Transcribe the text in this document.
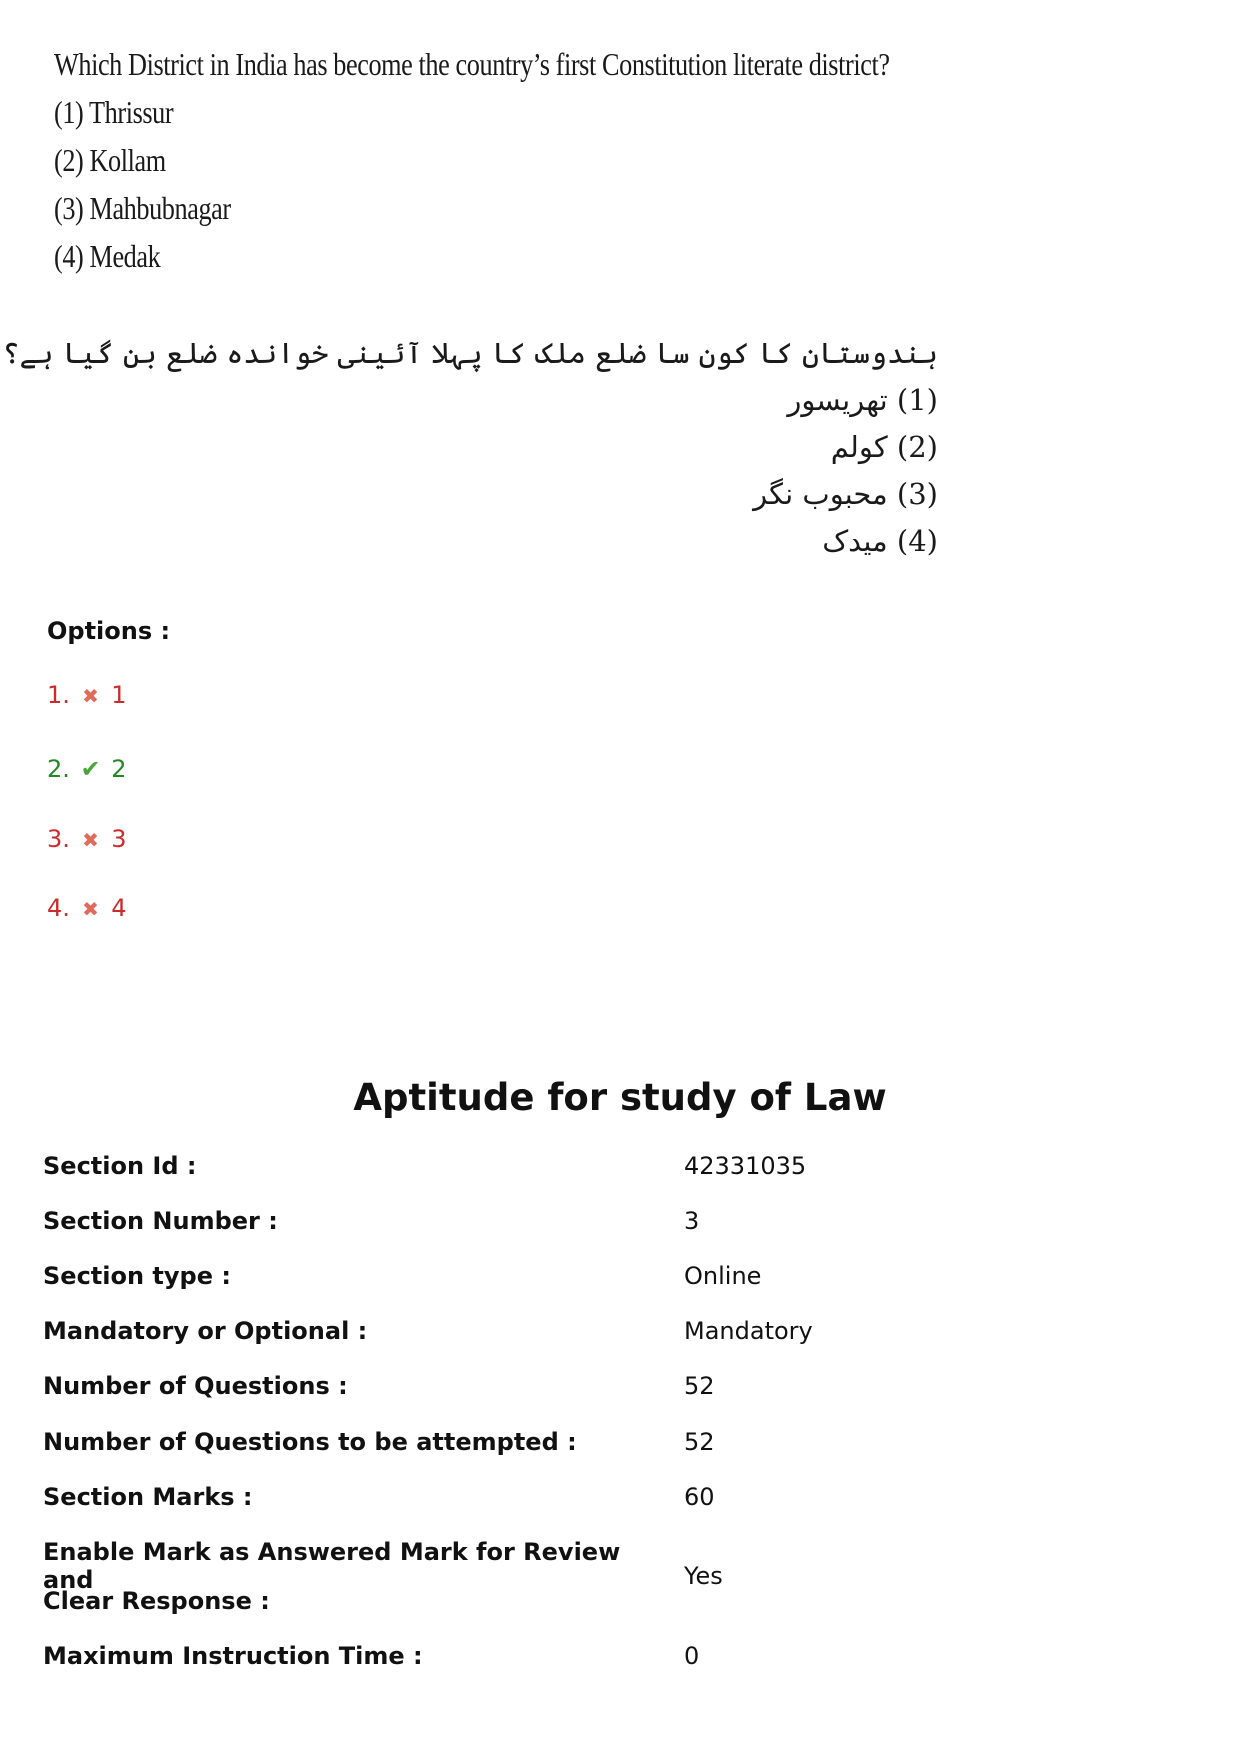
Which District in India has become the country’s first Constitution literate district?
(1) Thrissur
(2) Kollam
(3) Mahbubnagar
(4) Medak
ہندوستان کا کون سا ضلع ملک کا پہلا آئینی خواندہ ضلع بن گیا ہے؟
(1) تھریسور
(2) کولم
(3) محبوب نگر
(4) میدک
Options :
1. ✖ 1
2. ✔ 2
3. ✖ 3
4. ✖ 4
Aptitude for study of Law
Section Id :	42331035
Section Number :	3
Section type :	Online
Mandatory or Optional :	Mandatory
Number of Questions :	52
Number of Questions to be attempted :	52
Section Marks :	60
Enable Mark as Answered Mark for Review and
Clear Response :
Yes
Maximum Instruction Time :	0
